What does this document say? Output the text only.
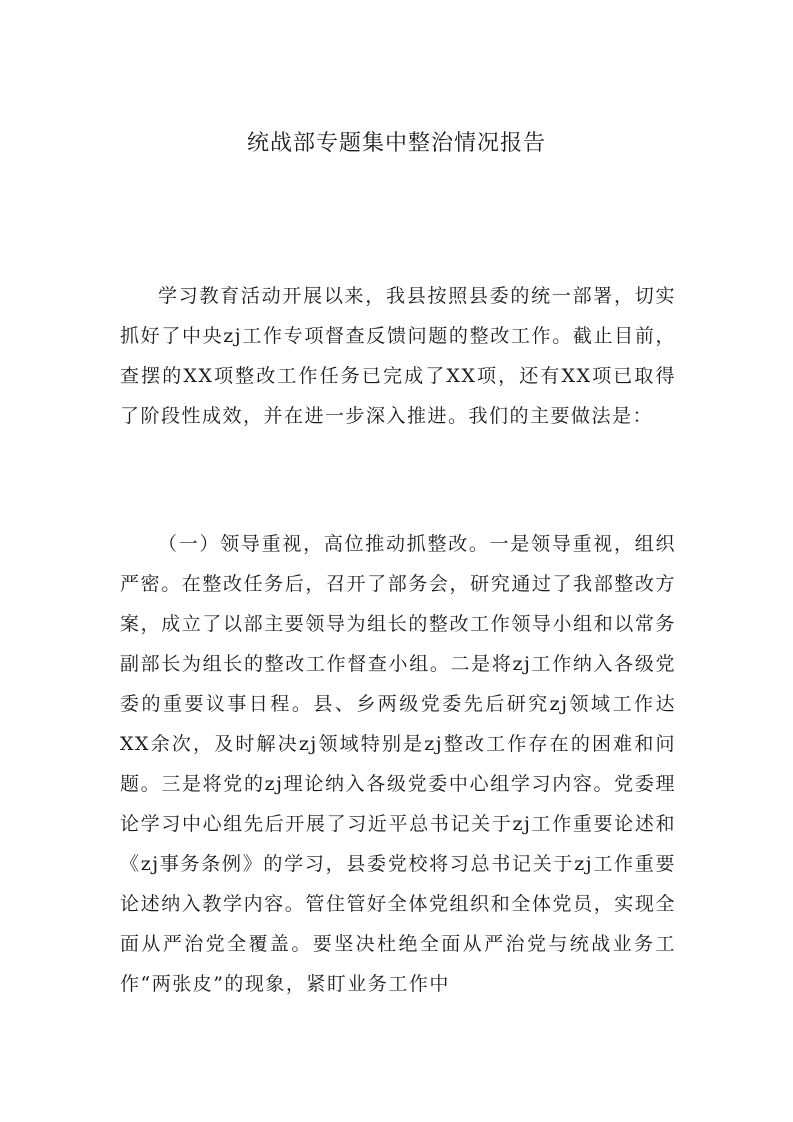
统战部专题集中整治情况报告

学习教育活动开展以来，我县按照县委的统一部署，切实抓好了中央zj工作专项督查反馈问题的整改工作。截止目前，查摆的XX项整改工作任务已完成了XX项，还有XX项已取得了阶段性成效，并在进一步深入推进。我们的主要做法是：

（一）领导重视，高位推动抓整改。一是领导重视，组织严密。在整改任务后，召开了部务会，研究通过了我部整改方案，成立了以部主要领导为组长的整改工作领导小组和以常务副部长为组长的整改工作督查小组。二是将zj工作纳入各级党委的重要议事日程。县、乡两级党委先后研究zj领域工作达XX余次，及时解决zj领域特别是zj整改工作存在的困难和问题。三是将党的zj理论纳入各级党委中心组学习内容。党委理论学习中心组先后开展了习近平总书记关于zj工作重要论述和《zj事务条例》的学习，县委党校将习总书记关于zj工作重要论述纳入教学内容。管住管好全体党组织和全体党员，实现全面从严治党全覆盖。要坚决杜绝全面从严治党与统战业务工作“两张皮”的现象，紧盯业务工作中
